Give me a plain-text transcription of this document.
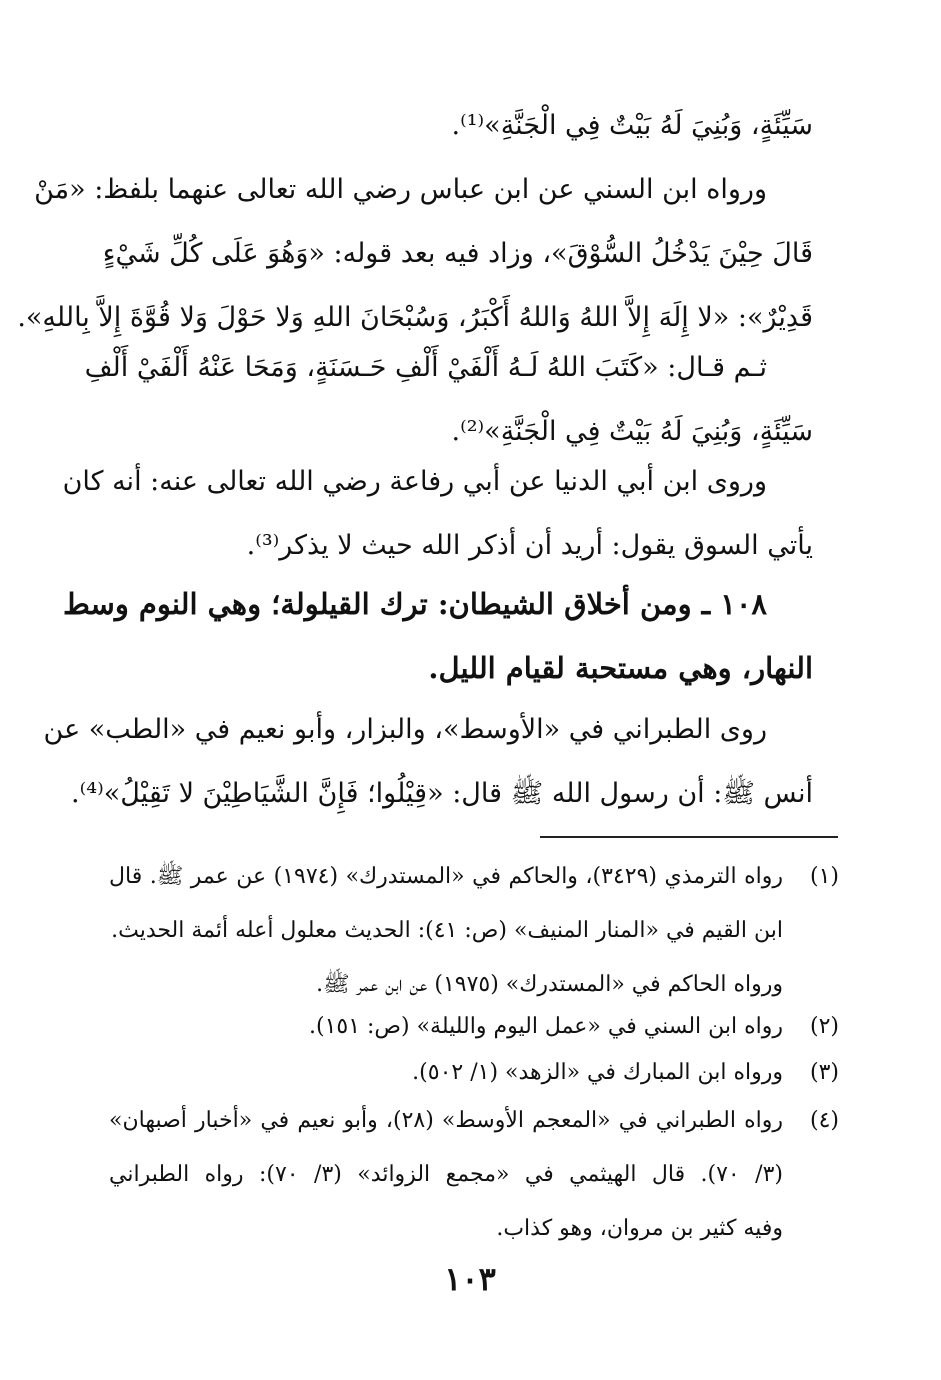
سَيِّئَةٍ، وَبُنِيَ لَهُ بَيْتٌ فِي الْجَنَّةِ»⁽¹⁾.
ورواه ابن السني عن ابن عباس رضي الله تعالى عنهما بلفظ: «مَنْ
قَالَ حِيْنَ يَدْخُلُ السُّوْقَ»، وزاد فيه بعد قوله: «وَهُوَ عَلَى كُلِّ شَيْءٍ
قَدِيْرٌ»: «لا إِلَهَ إِلاَّ اللهُ وَاللهُ أَكْبَرُ، وَسُبْحَانَ اللهِ وَلا حَوْلَ وَلا قُوَّةَ إِلاَّ بِاللهِ».
ثـم قـال: «كَتَبَ اللهُ لَـهُ أَلْفَيْ أَلْفِ حَـسَنَةٍ، وَمَحَا عَنْهُ أَلْفَيْ أَلْفِ
سَيِّئَةٍ، وَبُنِيَ لَهُ بَيْتٌ فِي الْجَنَّةِ»⁽²⁾.
وروى ابن أبي الدنيا عن أبي رفاعة رضي الله تعالى عنه: أنه كان
يأتي السوق يقول: أريد أن أذكر الله حيث لا يذكر⁽³⁾.
١٠٨ ـ ومن أخلاق الشيطان: ترك القيلولة؛ وهي النوم وسط
النهار، وهي مستحبة لقيام الليل.
روى الطبراني في «الأوسط»، والبزار، وأبو نعيم في «الطب» عن
أنس ﷺ: أن رسول الله ﷺ قال: «قِيْلُوا؛ فَإِنَّ الشَّيَاطِيْنَ لا تَقِيْلُ»⁽⁴⁾.
(١)
رواه الترمذي (٣٤٢٩)، والحاكم في «المستدرك» (١٩٧٤) عن عمر ﷺ. قال
ابن القيم في «المنار المنيف» (ص: ٤١): الحديث معلول أعله أئمة الحديث.
ورواه الحاكم في «المستدرك» (١٩٧٥) عن ابن عمر ﷺ.
(٢)
رواه ابن السني في «عمل اليوم والليلة» (ص: ١٥١).
(٣)
ورواه ابن المبارك في «الزهد» (١/ ٥٠٢).
(٤)
رواه الطبراني في «المعجم الأوسط» (٢٨)، وأبو نعيم في «أخبار أصبهان»
(٣/ ٧٠). قال الهيثمي في «مجمع الزوائد» (٣/ ٧٠): رواه الطبراني
وفيه كثير بن مروان، وهو كذاب.
١٠٣
